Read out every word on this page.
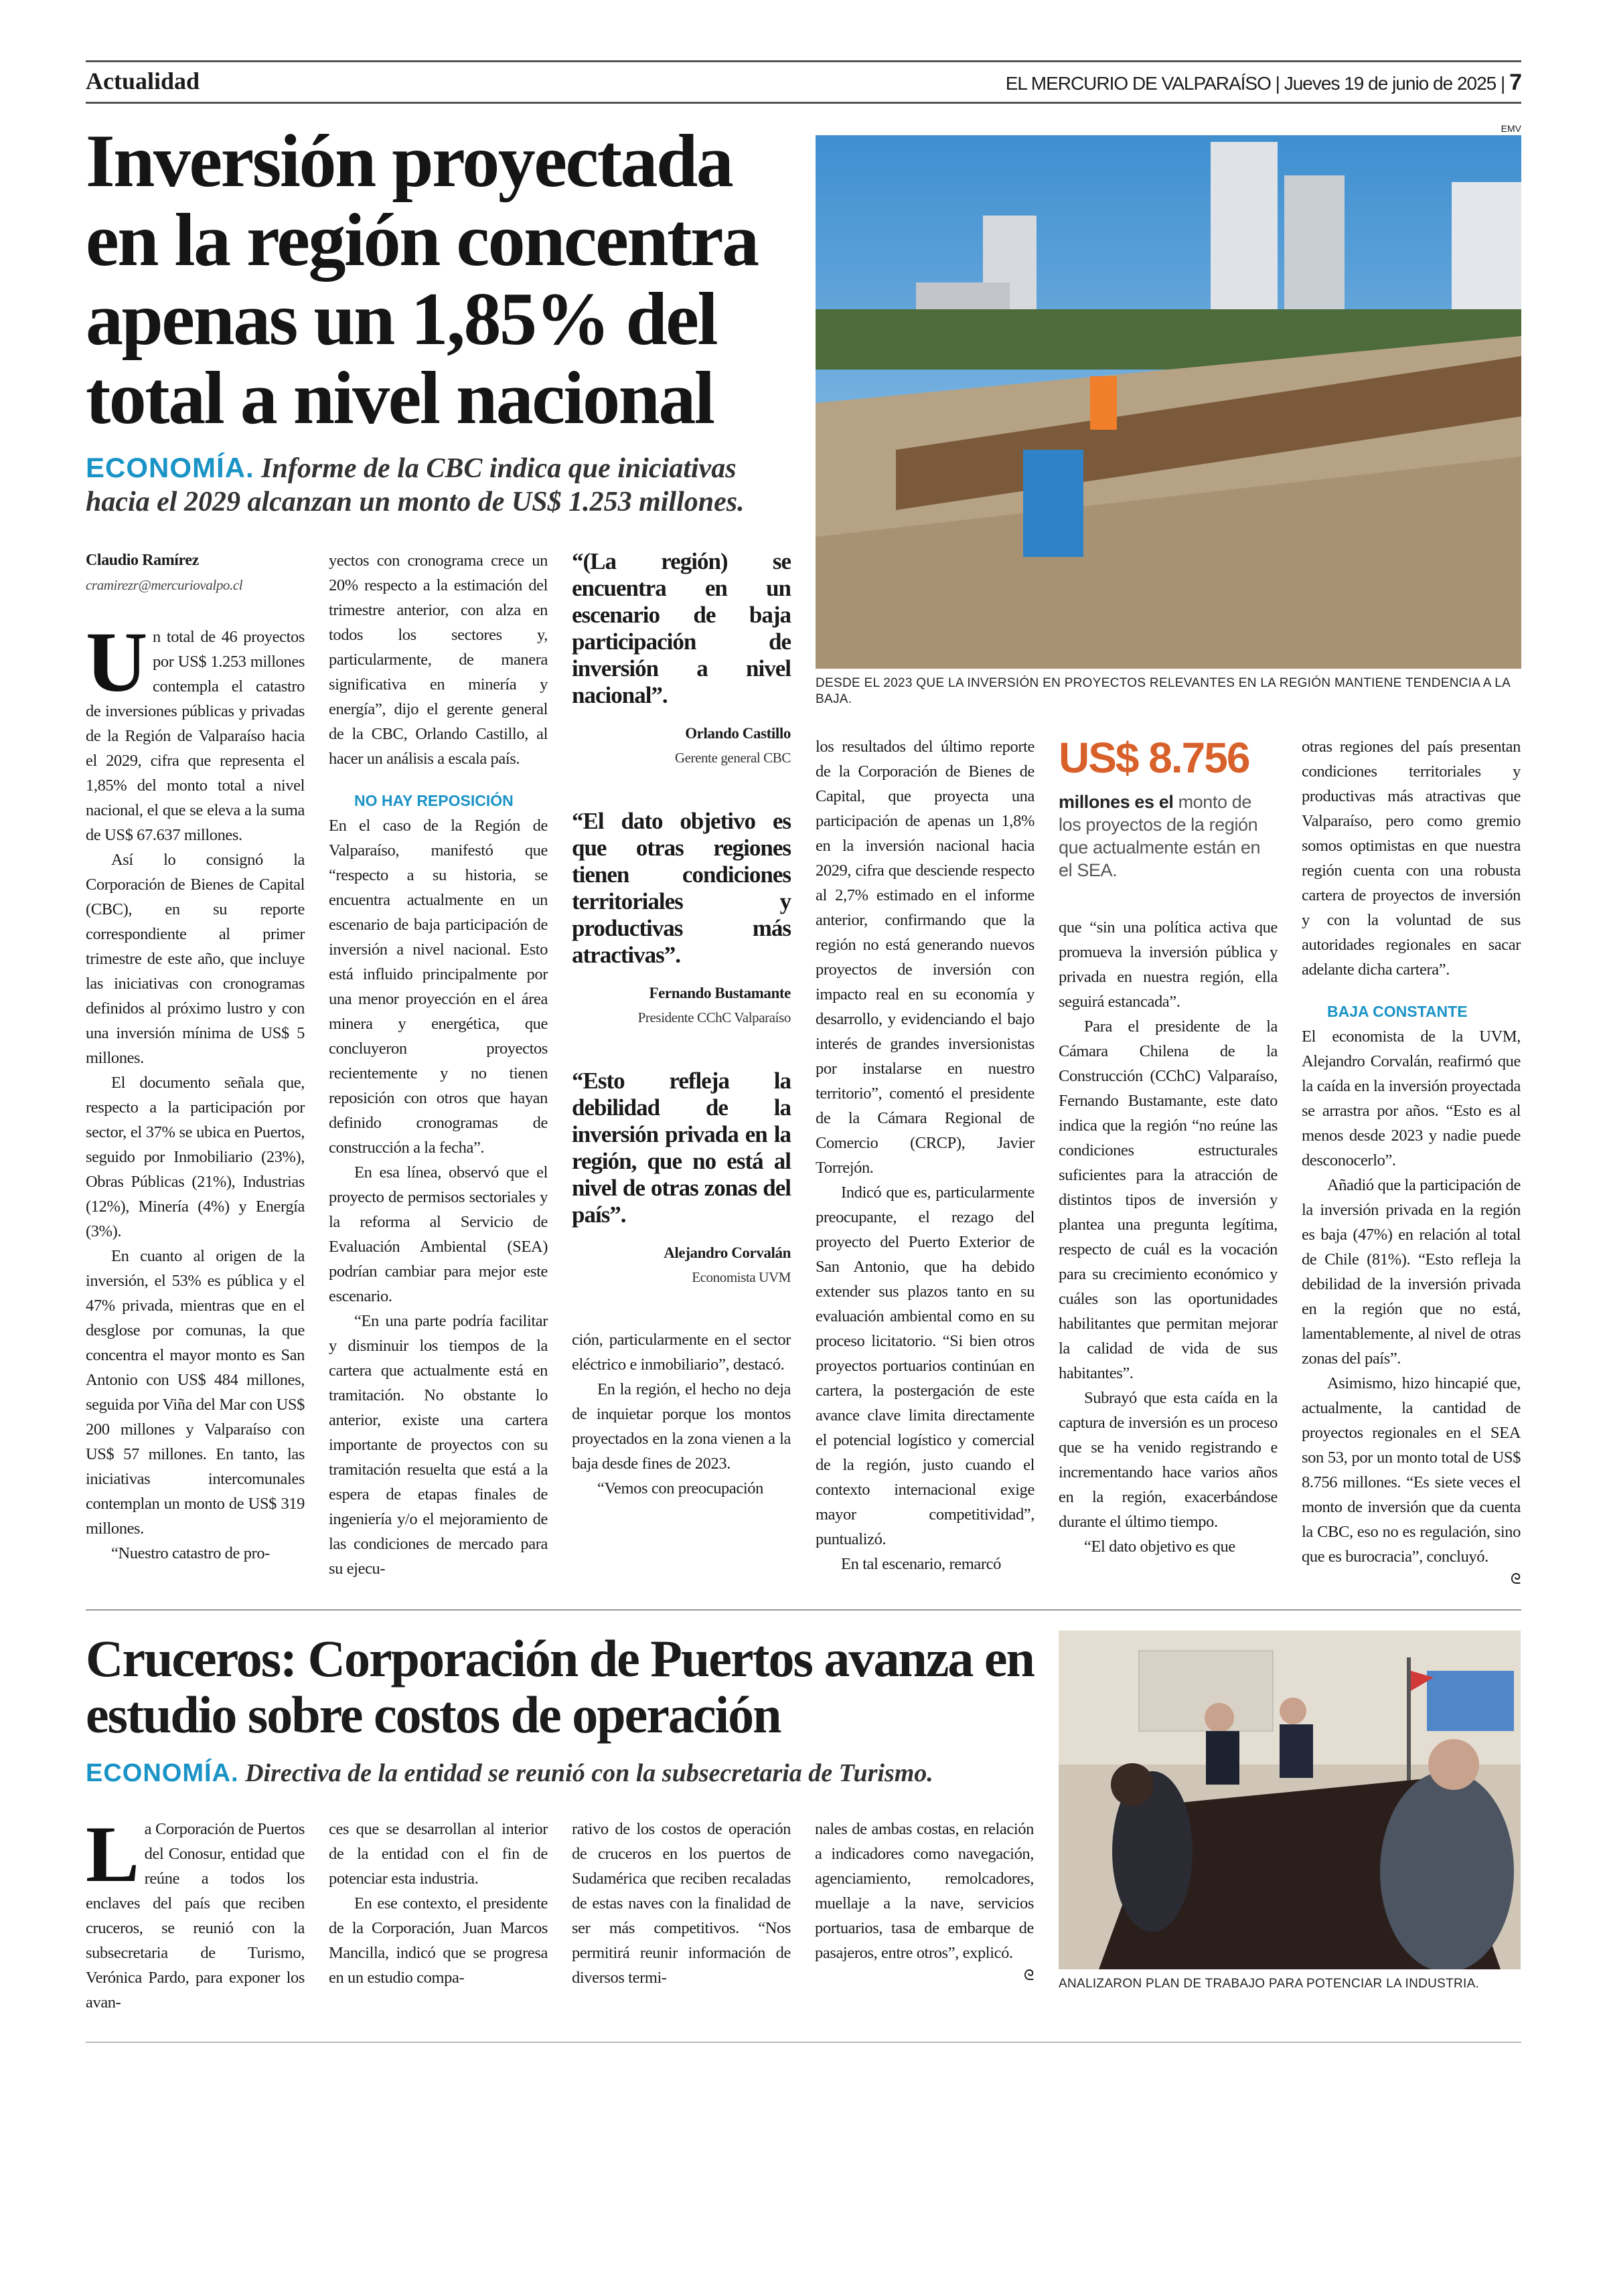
Actualidad	EL MERCURIO DE VALPARAÍSO | Jueves 19 de junio de 2025 | 7
Inversión proyectada en la región concentra apenas un 1,85% del total a nivel nacional
ECONOMÍA. Informe de la CBC indica que iniciativas hacia el 2029 alcanzan un monto de US$ 1.253 millones.
Claudio Ramírez
cramirezr@mercuriovalpo.cl

Un total de 46 proyectos por US$ 1.253 millones contempla el catastro de inversiones públicas y privadas de la Región de Valparaíso hacia el 2029, cifra que representa el 1,85% del monto total a nivel nacional, el que se eleva a la suma de US$ 67.637 millones.

Así lo consignó la Corporación de Bienes de Capital (CBC), en su reporte correspondiente al primer trimestre de este año, que incluye las iniciativas con cronogramas definidos al próximo lustro y con una inversión mínima de US$ 5 millones.

El documento señala que, respecto a la participación por sector, el 37% se ubica en Puertos, seguido por Inmobiliario (23%), Obras Públicas (21%), Industrias (12%), Minería (4%) y Energía (3%).

En cuanto al origen de la inversión, el 53% es pública y el 47% privada, mientras que en el desglose por comunas, la que concentra el mayor monto es San Antonio con US$ 484 millones, seguida por Viña del Mar con US$ 200 millones y Valparaíso con US$ 57 millones. En tanto, las iniciativas intercomunales contemplan un monto de US$ 319 millones.

“Nuestro catastro de pro-

yectos con cronograma crece un 20% respecto a la estimación del trimestre anterior, con alza en todos los sectores y, particularmente, de manera significativa en minería y energía”, dijo el gerente general de la CBC, Orlando Castillo, al hacer un análisis a escala país.

NO HAY REPOSICIÓN

En el caso de la Región de Valparaíso, manifestó que “respecto a su historia, se encuentra actualmente en un escenario de baja participación de inversión a nivel nacional. Esto está influido principalmente por una menor proyección en el área minera y energética, que concluyeron proyectos recientemente y no tienen reposición con otros que hayan definido cronogramas de construcción a la fecha”.

En esa línea, observó que el proyecto de permisos sectoriales y la reforma al Servicio de Evaluación Ambiental (SEA) podrían cambiar para mejor este escenario.

“En una parte podría facilitar y disminuir los tiempos de la cartera que actualmente está en tramitación. No obstante lo anterior, existe una cartera importante de proyectos con su tramitación resuelta que está a la espera de etapas finales de ingeniería y/o el mejoramiento de las condiciones de mercado para su ejecu-

“(La región) se encuentra en un escenario de baja participación de inversión a nivel nacional”.
Orlando Castillo
Gerente general CBC
“El dato objetivo es que otras regiones tienen condiciones territoriales y productivas más atractivas”.
Fernando Bustamante
Presidente CChC Valparaíso
“Esto refleja la debilidad de la inversión privada en la región, que no está al nivel de otras zonas del país”.
Alejandro Corvalán
Economista UVM

ción, particularmente en el sector eléctrico e inmobiliario”, destacó.

En la región, el hecho no deja de inquietar porque los montos proyectados en la zona vienen a la baja desde fines de 2023.

“Vemos con preocupación

EMV
DESDE EL 2023 QUE LA INVERSIÓN EN PROYECTOS RELEVANTES EN LA REGIÓN MANTIENE TENDENCIA A LA BAJA.

los resultados del último reporte de la Corporación de Bienes de Capital, que proyecta una participación de apenas un 1,8% en la inversión nacional hacia 2029, cifra que desciende respecto al 2,7% estimado en el informe anterior, confirmando que la región no está generando nuevos proyectos de inversión con impacto real en su economía y desarrollo, y evidenciando el bajo interés de grandes inversionistas por instalarse en nuestro territorio”, comentó el presidente de la Cámara Regional de Comercio (CRCP), Javier Torrejón.

Indicó que es, particularmente preocupante, el rezago del proyecto del Puerto Exterior de San Antonio, que ha debido extender sus plazos tanto en su evaluación ambiental como en su proceso licitatorio. “Si bien otros proyectos portuarios continúan en cartera, la postergación de este avance clave limita directamente el potencial logístico y comercial de la región, justo cuando el contexto internacional exige mayor competitividad”, puntualizó.

En tal escenario, remarcó

US$ 8.756
millones es el monto de los proyectos de la región que actualmente están en el SEA.

que “sin una política activa que promueva la inversión pública y privada en nuestra región, ella seguirá estancada”.

Para el presidente de la Cámara Chilena de la Construcción (CChC) Valparaíso, Fernando Bustamante, este dato indica que la región “no reúne las condiciones estructurales suficientes para la atracción de distintos tipos de inversión y plantea una pregunta legítima, respecto de cuál es la vocación para su crecimiento económico y cuáles son las oportunidades habilitantes que permitan mejorar la calidad de vida de sus habitantes”.

Subrayó que esta caída en la captura de inversión es un proceso que se ha venido registrando e incrementando hace varios años en la región, exacerbándose durante el último tiempo.

“El dato objetivo es que

otras regiones del país presentan condiciones territoriales y productivas más atractivas que Valparaíso, pero como gremio somos optimistas en que nuestra región cuenta con una robusta cartera de proyectos de inversión y con la voluntad de sus autoridades regionales en sacar adelante dicha cartera”.

BAJA CONSTANTE

El economista de la UVM, Alejandro Corvalán, reafirmó que la caída en la inversión proyectada se arrastra por años. “Esto es al menos desde 2023 y nadie puede desconocerlo”.

Añadió que la participación de la inversión privada en la región es baja (47%) en relación al total de Chile (81%). “Esto refleja la debilidad de la inversión privada en la región que no está, lamentablemente, al nivel de otras zonas del país”.

Asimismo, hizo hincapié que, actualmente, la cantidad de proyectos regionales en el SEA son 53, por un monto total de US$ 8.756 millones. “Es siete veces el monto de inversión que da cuenta la CBC, eso no es regulación, sino que es burocracia”, concluyó.

ᘓ
Cruceros: Corporación de Puertos avanza en estudio sobre costos de operación
ECONOMÍA. Directiva de la entidad se reunió con la subsecretaria de Turismo.

La Corporación de Puertos del Conosur, entidad que reúne a todos los enclaves del país que reciben cruceros, se reunió con la subsecretaria de Turismo, Verónica Pardo, para exponer los avan-

ces que se desarrollan al interior de la entidad con el fin de potenciar esta industria.

En ese contexto, el presidente de la Corporación, Juan Marcos Mancilla, indicó que se progresa en un estudio compa-

rativo de los costos de operación de cruceros en los puertos de Sudamérica que reciben recaladas de estas naves con la finalidad de ser más competitivos. “Nos permitirá reunir información de diversos termi-

nales de ambas costas, en relación a indicadores como navegación, agenciamiento, remolcadores, muellaje a la nave, servicios portuarios, tasa de embarque de pasajeros, entre otros”, explicó.

ᘓ
ANALIZARON PLAN DE TRABAJO PARA POTENCIAR LA INDUSTRIA.
